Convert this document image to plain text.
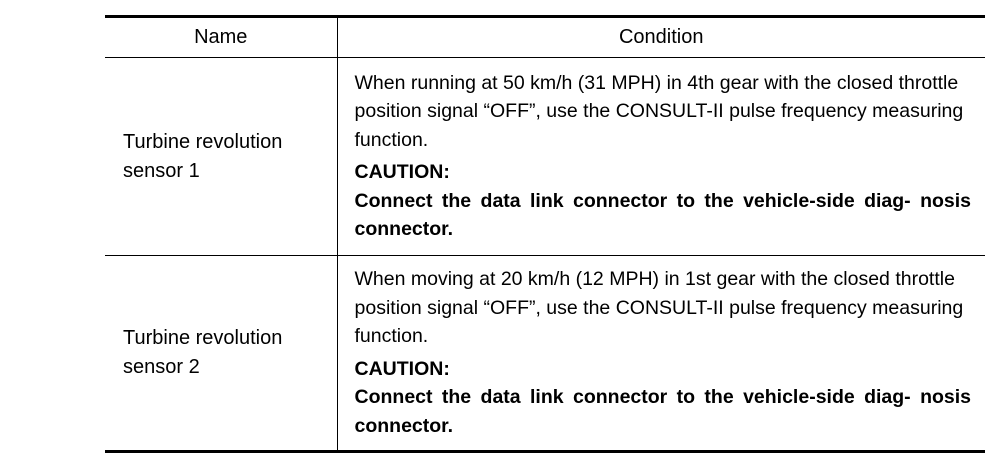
Name	Condition

Turbine revolution sensor 1	When running at 50 km/h (31 MPH) in 4th gear with the closed throttle position signal “OFF”, use the CONSULT-II pulse frequency measuring function.

CAUTION:

Connect the data link connector to the vehicle-side diag- nosis connector.

Turbine revolution sensor 2	When moving at 20 km/h (12 MPH) in 1st gear with the closed throttle position signal “OFF”, use the CONSULT-II pulse frequency measuring function.

CAUTION:

Connect the data link connector to the vehicle-side diag- nosis connector.
